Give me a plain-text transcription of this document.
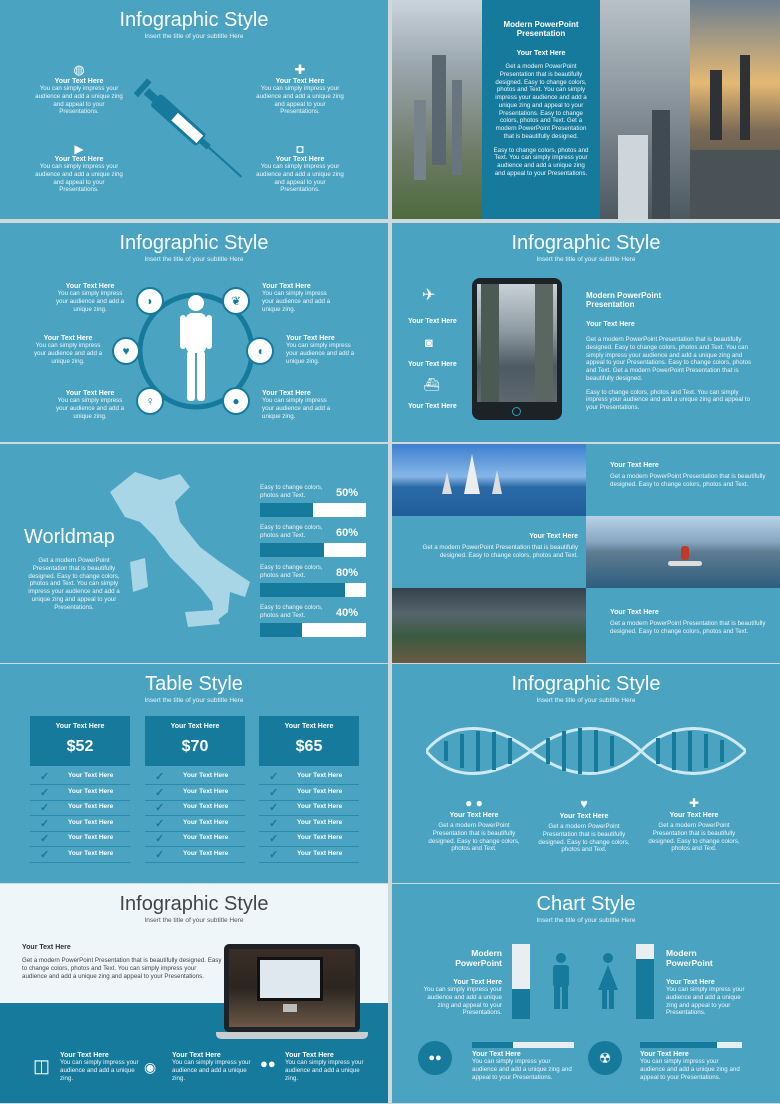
Infographic Style
Insert the title of your subtitle Here
◍
Your Text Here
You can simply impress your audience and add a unique zing and appeal to your Presentations.
✚
Your Text Here
You can simply impress your audience and add a unique zing and appeal to your Presentations.
▶
Your Text Here
You can simply impress your audience and add a unique zing and appeal to your Presentations.
◘
Your Text Here
You can simply impress your audience and add a unique zing and appeal to your Presentations.
Modern PowerPoint Presentation
Your Text Here
Get a modern PowerPoint Presentation that is beautifully designed. Easy to change colors, photos and Text. You can simply impress your audience and add a unique zing and appeal to your Presentations. Easy to change colors, photos and Text. Get a modern PowerPoint Presentation that is beautifully designed.
Easy to change colors, photos and Text. You can simply impress your audience and add a unique zing and appeal to your Presentations.
Infographic Style
Insert the title of your subtitle Here
◗	❦
♥	◖
♀	●
Your Text Here
You can simply impress your audience and add a unique zing.
Your Text Here
You can simply impress your audience and add a unique zing.
Your Text Here
You can simply impress your audience and add a unique zing.
Your Text Here
You can simply impress your audience and add a unique zing.
Your Text Here
You can simply impress your audience and add a unique zing.
Your Text Here
You can simply impress your audience and add a unique zing.
Infographic Style
Insert the title of your subtitle Here
✈
Your Text Here
◙
Your Text Here
⛴
Your Text Here
Modern PowerPoint Presentation
Your Text Here
Get a modern PowerPoint Presentation that is beautifully designed. Easy to change colors, photos and Text. You can simply impress your audience and add a unique zing and appeal to your Presentations. Easy to change colors, photos and Text. Get a modern PowerPoint Presentation that is beautifully designed.
Easy to change colors, photos and Text. You can simply impress your audience and add a unique zing and appeal to your Presentations.
Worldmap
Get a modern PowerPoint Presentation that is beautifully designed. Easy to change colors, photos and Text. You can simply impress your audience and add a unique zing and appeal to your Presentations.
Easy to change colors, photos and Text.	50%
Easy to change colors, photos and Text.	60%
Easy to change colors, photos and Text.	80%
Easy to change colors, photos and Text.	40%
Your Text Here
Get a modern PowerPoint Presentation that is beautifully designed. Easy to change colors, photos and Text.
Your Text Here
Get a modern PowerPoint Presentation that is beautifully designed. Easy to change colors, photos and Text.
Your Text Here
Get a modern PowerPoint Presentation that is beautifully designed. Easy to change colors, photos and Text.
Table Style
Insert the title of your subtitle Here
Your Text Here
$52
✓	Your Text Here
✓	Your Text Here
✓	Your Text Here
✓	Your Text Here
✓	Your Text Here
✓	Your Text Here
Your Text Here
$70
✓	Your Text Here
✓	Your Text Here
✓	Your Text Here
✓	Your Text Here
✓	Your Text Here
✓	Your Text Here
Your Text Here
$65
✓	Your Text Here
✓	Your Text Here
✓	Your Text Here
✓	Your Text Here
✓	Your Text Here
✓	Your Text Here
Infographic Style
Insert the title of your subtitle Here
● ●
Your Text Here
Get a modern PowerPoint Presentation that is beautifully designed. Easy to change colors, photos and Text.
♥
Your Text Here
Get a modern PowerPoint Presentation that is beautifully designed. Easy to change colors, photos and Text.
✚
Your Text Here
Get a modern PowerPoint Presentation that is beautifully designed. Easy to change colors, photos and Text.
Infographic Style
Insert the title of your subtitle Here
Your Text Here
Get a modern PowerPoint Presentation that is beautifully designed. Easy to change colors, photos and Text. You can simply impress your audience and add a unique zing and appeal to your Presentations.
◫
Your Text Here
You can simply impress your audience and add a unique zing.
◉
Your Text Here
You can simply impress your audience and add a unique zing.
●●
Your Text Here
You can simply impress your audience and add a unique zing.
Chart Style
Insert the title of your subtitle Here
Modern PowerPoint
Your Text Here
You can simply impress your audience and add a unique zing and appeal to your Presentations.
Modern PowerPoint
Your Text Here
You can simply impress your audience and add a unique zing and appeal to your Presentations.
●●	Your Text Here
You can simply impress your audience and add a unique zing and appeal to your Presentations.
☢	Your Text Here
You can simply impress your audience and add a unique zing and appeal to your Presentations.
